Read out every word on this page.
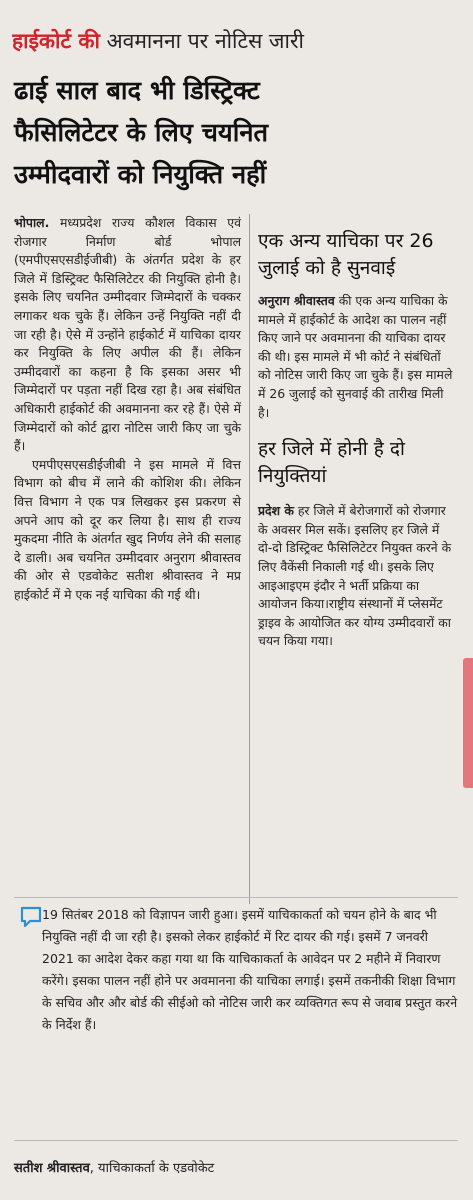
हाईकोर्ट की अवमानना पर नोटिस जारी
ढाई साल बाद भी डिस्ट्रिक्ट
फैसिलिटेटर के लिए चयनित
उम्मीदवारों को नियुक्ति नहीं

भोपाल. मध्यप्रदेश राज्य कौशल विकास एवं रोजगार निर्माण बोर्ड भोपाल (एमपीएसएसडीईजीबी) के अंतर्गत प्रदेश के हर जिले में डिस्ट्रिक्ट फैसिलिटेटर की नियुक्ति होनी है। इसके लिए चयनित उम्मीदवार जिम्मेदारों के चक्कर लगाकर थक चुके हैं। लेकिन उन्हें नियुक्ति नहीं दी जा रही है। ऐसे में उन्होंने हाईकोर्ट में याचिका दायर कर नियुक्ति के लिए अपील की हैं। लेकिन उम्मीदवारों का कहना है कि इसका असर भी जिम्मेदारों पर पड़ता नहीं दिख रहा है। अब संबंधित अधिकारी हाईकोर्ट की अवमानना कर रहे हैं। ऐसे में जिम्मेदारों को कोर्ट द्वारा नोटिस जारी किए जा चुके हैं।

एमपीएसएसडीईजीबी ने इस मामले में वित्त विभाग को बीच में लाने की कोशिश की। लेकिन वित्त विभाग ने एक पत्र लिखकर इस प्रकरण से अपने आप को दूर कर लिया है। साथ ही राज्य मुकदमा नीति के अंतर्गत खुद निर्णय लेने की सलाह दे डाली। अब चयनित उम्मीदवार अनुराग श्रीवास्तव की ओर से एडवोकेट सतीश श्रीवास्तव ने मप्र हाईकोर्ट में मे एक नई याचिका की गई थी।

एक अन्य याचिका पर 26 जुलाई को है सुनवाई

अनुराग श्रीवास्तव की एक अन्य याचिका के मामले में हाईकोर्ट के आदेश का पालन नहीं किए जाने पर अवमानना की याचिका दायर की थी। इस मामले में भी कोर्ट ने संबंधितों को नोटिस जारी किए जा चुके हैं। इस मामले में 26 जुलाई को सुनवाई की तारीख मिली है।

हर जिले में होनी है दो नियुक्तियां

प्रदेश के हर जिले में बेरोजगारों को रोजगार के अवसर मिल सकें। इसलिए हर जिले में दो-दो डिस्ट्रिक्ट फैसिलिटेटर नियुक्त करने के लिए वैकेंसी निकाली गई थी। इसके लिए आइआइएम इंदौर ने भर्ती प्रक्रिया का आयोजन किया।राष्ट्रीय संस्थानों में प्लेसमेंट ड्राइव के आयोजित कर योग्य उम्मीदवारों का चयन किया गया।

19 सितंबर 2018 को विज्ञापन जारी हुआ। इसमें याचिकाकर्ता को चयन होने के बाद भी नियुक्ति नहीं दी जा रही है। इसको लेकर हाईकोर्ट में रिट दायर की गई। इसमें 7 जनवरी 2021 का आदेश देकर कहा गया था कि याचिकाकर्ता के आवेदन पर 2 महीने में निवारण करेंगे। इसका पालन नहीं होने पर अवमानना की याचिका लगाई। इसमें तकनीकी शिक्षा विभाग के सचिव और और बोर्ड की सीईओ को नोटिस जारी कर व्यक्तिगत रूप से जवाब प्रस्तुत करने के निर्देश हैं।

सतीश श्रीवास्तव, याचिकाकर्ता के एडवोकेट
